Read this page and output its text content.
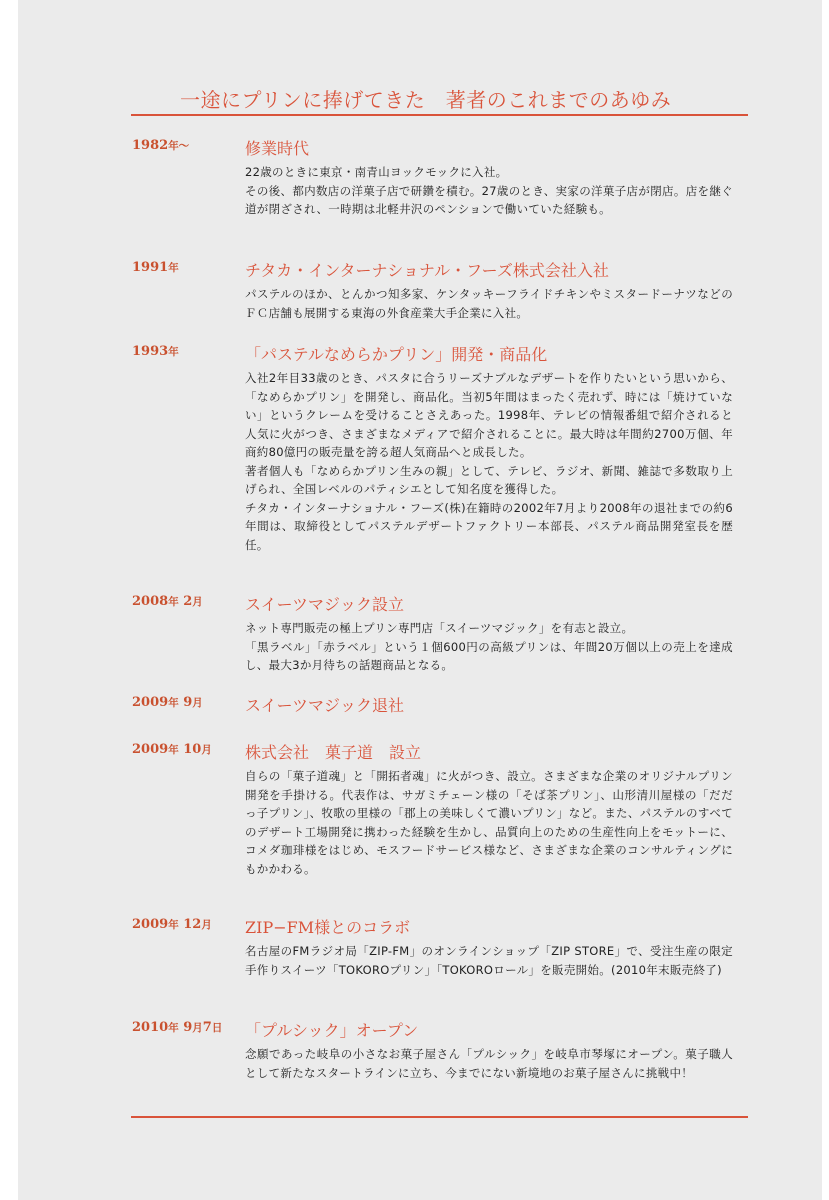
一途にプリンに捧げてきた　著者のこれまでのあゆみ
1982年〜	修業時代
22歳のときに東京・南青山ヨックモックに入社。
その後、都内数店の洋菓子店で研鑽を積む。27歳のとき、実家の洋菓子店が閉店。店を継ぐ道が閉ざされ、一時期は北軽井沢のペンションで働いていた経験も。
1991年	チタカ・インターナショナル・フーズ株式会社入社
パステルのほか、とんかつ知多家、ケンタッキーフライドチキンやミスタードーナツなどのＦＣ店舗も展開する東海の外食産業大手企業に入社。
1993年	「パステルなめらかプリン」開発・商品化
入社2年目33歳のとき、パスタに合うリーズナブルなデザートを作りたいという思いから、「なめらかプリン」を開発し、商品化。当初5年間はまったく売れず、時には「焼けていない」というクレームを受けることさえあった。1998年、テレビの情報番組で紹介されると人気に火がつき、さまざまなメディアで紹介されることに。最大時は年間約2700万個、年商約80億円の販売量を誇る超人気商品へと成長した。
著者個人も「なめらかプリン生みの親」として、テレビ、ラジオ、新聞、雑誌で多数取り上げられ、全国レベルのパティシエとして知名度を獲得した。
チタカ・インターナショナル・フーズ(株)在籍時の2002年7月より2008年の退社までの約6年間は、取締役としてパステルデザートファクトリー本部長、パステル商品開発室長を歴任。
2008年 2月	スイーツマジック設立
ネット専門販売の極上プリン専門店「スイーツマジック」を有志と設立。
「黒ラベル」「赤ラベル」という１個600円の高級プリンは、年間20万個以上の売上を達成し、最大3か月待ちの話題商品となる。
2009年 9月	スイーツマジック退社
2009年 10月 株式会社　菓子道　設立
自らの「菓子道魂」と「開拓者魂」に火がつき、設立。さまざまな企業のオリジナルプリン開発を手掛ける。代表作は、サガミチェーン様の「そば茶プリン」、山形清川屋様の「だだっ子プリン」、牧歌の里様の「郡上の美味しくて濃いプリン」など。また、パステルのすべてのデザート工場開発に携わった経験を生かし、品質向上のための生産性向上をモットーに、コメダ珈琲様をはじめ、モスフードサービス様など、さまざまな企業のコンサルティングにもかかわる。
2009年 12月 ZIP−FM様とのコラボ
名古屋のFMラジオ局「ZIP-FM」のオンラインショップ「ZIP STORE」で、受注生産の限定手作りスイーツ「TOKOROプリン」「TOKOROロール」を販売開始。(2010年末販売終了)
2010年 9月7日 「プルシック」オープン
念願であった岐阜の小さなお菓子屋さん「プルシック」を岐阜市琴塚にオープン。菓子職人として新たなスタートラインに立ち、今までにない新境地のお菓子屋さんに挑戦中！
